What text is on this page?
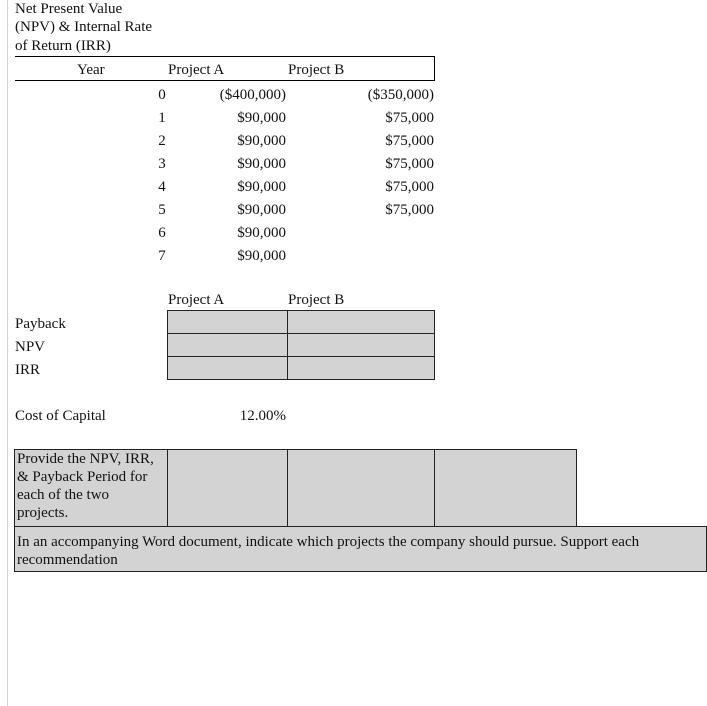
Net Present Value
(NPV) & Internal Rate
of Return (IRR)
Year	Project A	Project B
0	($400,000)	($350,000)
1	$90,000	$75,000
2	$90,000	$75,000
3	$90,000	$75,000
4	$90,000	$75,000
5	$90,000	$75,000
6	$90,000
7	$90,000
Project A	Project B
Payback
NPV
IRR
Cost of Capital	12.00%
Provide the NPV, IRR,
& Payback Period for
each of the two
projects.
In an accompanying Word document, indicate which projects the company should pursue. Support each
recommendation
